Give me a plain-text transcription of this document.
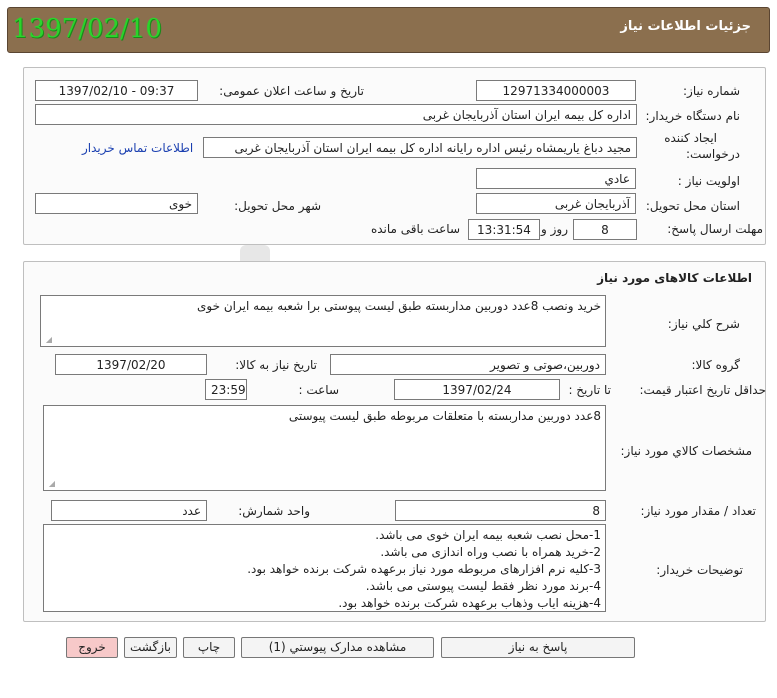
جزئیات اطلاعات نیاز
1397/02/10
شماره نیاز:
12971334000003
تاریخ و ساعت اعلان عمومی:
1397/02/10 - 09:37
نام دستگاه خریدار:
اداره کل بیمه ایران استان آذربایجان غربی
ایجاد کننده
درخواست:
مجید دباغ یاریمشاه رئیس اداره رایانه اداره کل بیمه ایران استان آذربایجان غربی
اطلاعات تماس خریدار
اولویت نیاز :
عادي
استان محل تحویل:
آذربایجان غربی
شهر محل تحویل:
خوی
مهلت ارسال پاسخ:
8
روز و
13:31:54
ساعت باقی مانده
اطلاعات کالاهای مورد نیاز
شرح کلي نیاز:
خرید ونصب 8عدد دوربین مداربسته طبق لیست پیوستی برا شعبه بیمه ایران خوی
◢
گروه کالا:
دوربین،صوتی و تصویر
تاریخ نیاز به کالا:
1397/02/20
حداقل تاریخ اعتبار قیمت:
تا تاریخ :
1397/02/24
ساعت :
23:59
مشخصات کالاي مورد نیاز:
8عدد دوربین مداربسته با متعلقات مربوطه طبق لیست پیوستی
◢
تعداد / مقدار مورد نیاز:
8
واحد شمارش:
عدد
توضیحات خریدار:
1-محل نصب شعبه بیمه ایران خوی می باشد.
2-خرید همراه با نصب وراه اندازی می باشد.
3-کلیه نرم افزارهای مربوطه مورد نیاز برعهده شرکت برنده خواهد بود.
4-برند مورد نظر فقط لیست پیوستی می باشد.
4-هزینه ایاب وذهاب برعهده شرکت برنده خواهد بود.
پاسخ به نیاز
مشاهده مدارک پیوستي (1)
چاپ
بازگشت
خروج
